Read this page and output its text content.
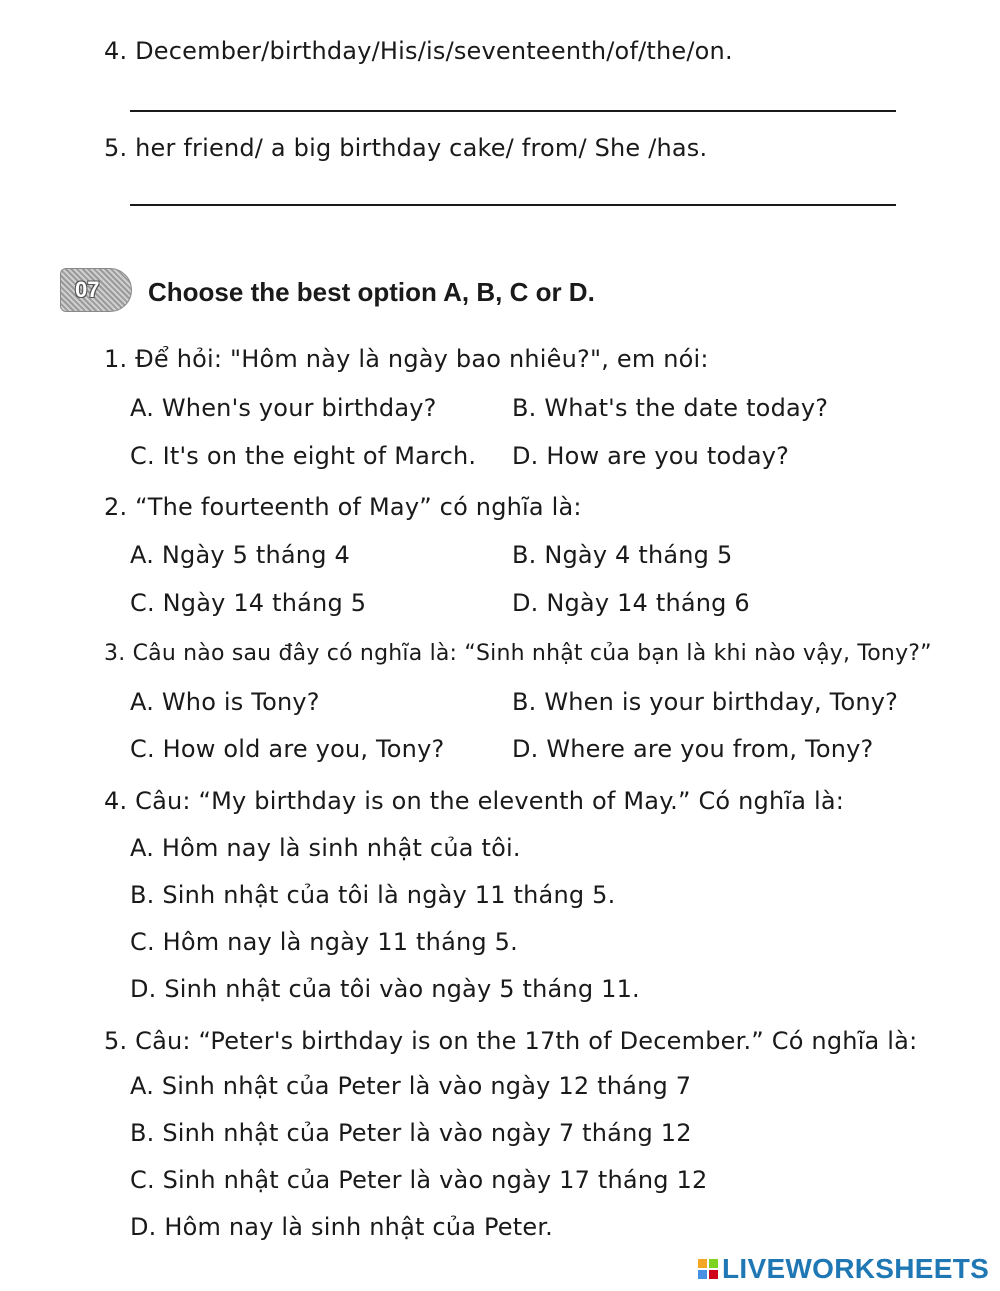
4. December/birthday/His/is/seventeenth/of/the/on.
5. her friend/ a big birthday cake/ from/ She /has.
07 Choose the best option A, B, C or D.
1. Để hỏi: "Hôm này là ngày bao nhiêu?", em nói:
A. When's your birthday?	B. What's the date today?
C. It's on the eight of March. D. How are you today?
2. “The fourteenth of May” có nghĩa là:
A. Ngày 5 tháng 4	B. Ngày 4 tháng 5
C. Ngày 14 tháng 5	D. Ngày 14 tháng 6
3. Câu nào sau đây có nghĩa là: “Sinh nhật của bạn là khi nào vậy, Tony?”
A. Who is Tony?	B. When is your birthday, Tony?
C. How old are you, Tony?	D. Where are you from, Tony?
4. Câu: “My birthday is on the eleventh of May.” Có nghĩa là:
A. Hôm nay là sinh nhật của tôi.
B. Sinh nhật của tôi là ngày 11 tháng 5.
C. Hôm nay là ngày 11 tháng 5.
D. Sinh nhật của tôi vào ngày 5 tháng 11.
5. Câu: “Peter's birthday is on the 17th of December.” Có nghĩa là:
A. Sinh nhật của Peter là vào ngày 12 tháng 7
B. Sinh nhật của Peter là vào ngày 7 tháng 12
C. Sinh nhật của Peter là vào ngày 17 tháng 12
D. Hôm nay là sinh nhật của Peter.
LIVEWORKSHEETS
